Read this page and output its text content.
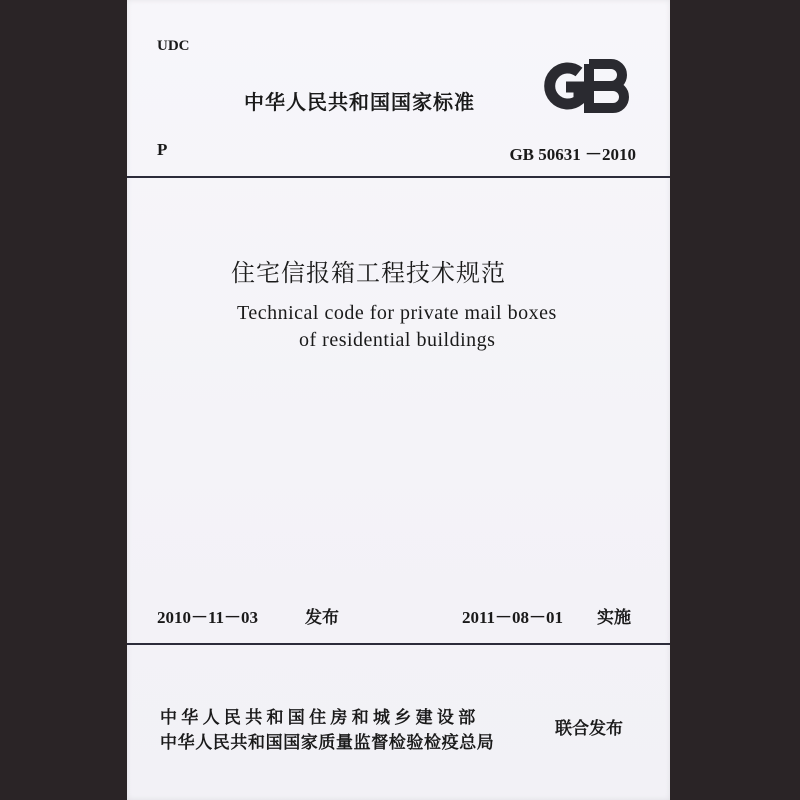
UDC
中华人民共和国国家标准
P	GB 50631 －2010
住宅信报箱工程技术规范
Technical code for private mail boxes
of residential buildings
2010－11－03	发布	2011－08－01 实施
中华人民共和国住房和城乡建设部
中华人民共和国国家质量监督检验检疫总局
联合发布
